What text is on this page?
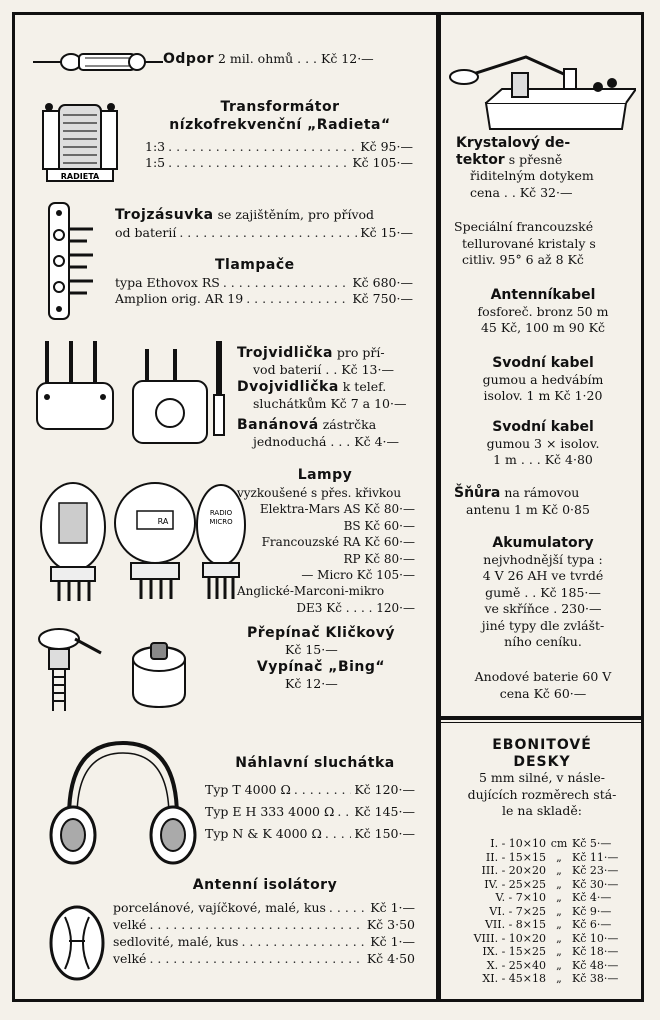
Odpor 2 mil. ohmů . . . Kč 12·—
RADIETA
Transformátor
nízkofrekvenční „Radieta“
1:3 . . .	Kč 95·—
1:5 . . .	Kč 105·—
Trojzásuvka se zajištěním, pro přívod
od baterií . . .	Kč 15·—
Tlampače
typa Ethovox RS . . .	Kč 680·—
Amplion orig. AR 19 . . .	Kč 750·—
Trojvidlička pro pří-
vod baterií . . Kč 13·—
Dvojvidlička k telef.
sluchátkům Kč 7 a 10·—
Banánová zástrčka
jednoduchá . . . Kč 4·—
RA
RADIO
MICRO
Lampy
vyzkoušené s přes. křivkou
Elektra-Mars AS Kč 80·—
BS Kč 60·—
Francouzské RA Kč 60·—
RP Kč 80·—
— Micro Kč 105·—
Anglické-Marconi-mikro
DE3 Kč . . . . 120·—
Přepínač Kličkový
Kč 15·—
Vypínač „Bing“
Kč 12·—
Náhlavní sluchátka
Typ T 4000 Ω . . .	Kč 120·—
Typ E H 333 4000 Ω . . . Kč 145·—
Typ N & K 4000 Ω . . .	Kč 150·—
Antenní isolátory
porcelánové, vajíčkové, malé, kus . . .	Kč 1·—
velké . . .	Kč 3·50
sedlovité, malé, kus . . .	Kč 1·—
velké . . .	Kč 4·50
Krystalový de-
tektor s přesně
řiditelným dotykem
cena . . Kč 32·—
Speciální francouzské
tellurované kristaly s
citliv. 95° 6 až 8 Kč
Antenníkabel
fosforeč. bronz 50 m
45 Kč, 100 m 90 Kč
Svodní kabel
gumou a hedvábím
isolov. 1 m Kč 1·20
Svodní kabel
gumou 3 × isolov.
1 m . . . Kč 4·80
Šňůra na rámovou
antenu 1 m Kč 0·85
Akumulatory
nejvhodnější typa :
4 V 26 AH ve tvrdé
gumě . . Kč 185·—
ve skříňce . 230·—
jiné typy dle zvlášt-
ního ceníku.
Anodové baterie 60 V
cena Kč 60·—
EBONITOVÉ
DESKY
5 mm silné, v násle-
dujících rozměrech stá-
le na skladě:
I. - 10×10 cm Kč 5·—
II. - 15×15 „ Kč 11·—
III. - 20×20 „ Kč 23·—
IV. - 25×25 „ Kč 30·—
V. - 7×10 „ Kč 4·—
VI. - 7×25 „ Kč 9·—
VII. - 8×15 „ Kč 6·—
VIII. - 10×20 „ Kč 10·—
IX. - 15×25 „ Kč 18·—
X. - 25×40 „ Kč 48·—
XI. - 45×18 „ Kč 38·—
